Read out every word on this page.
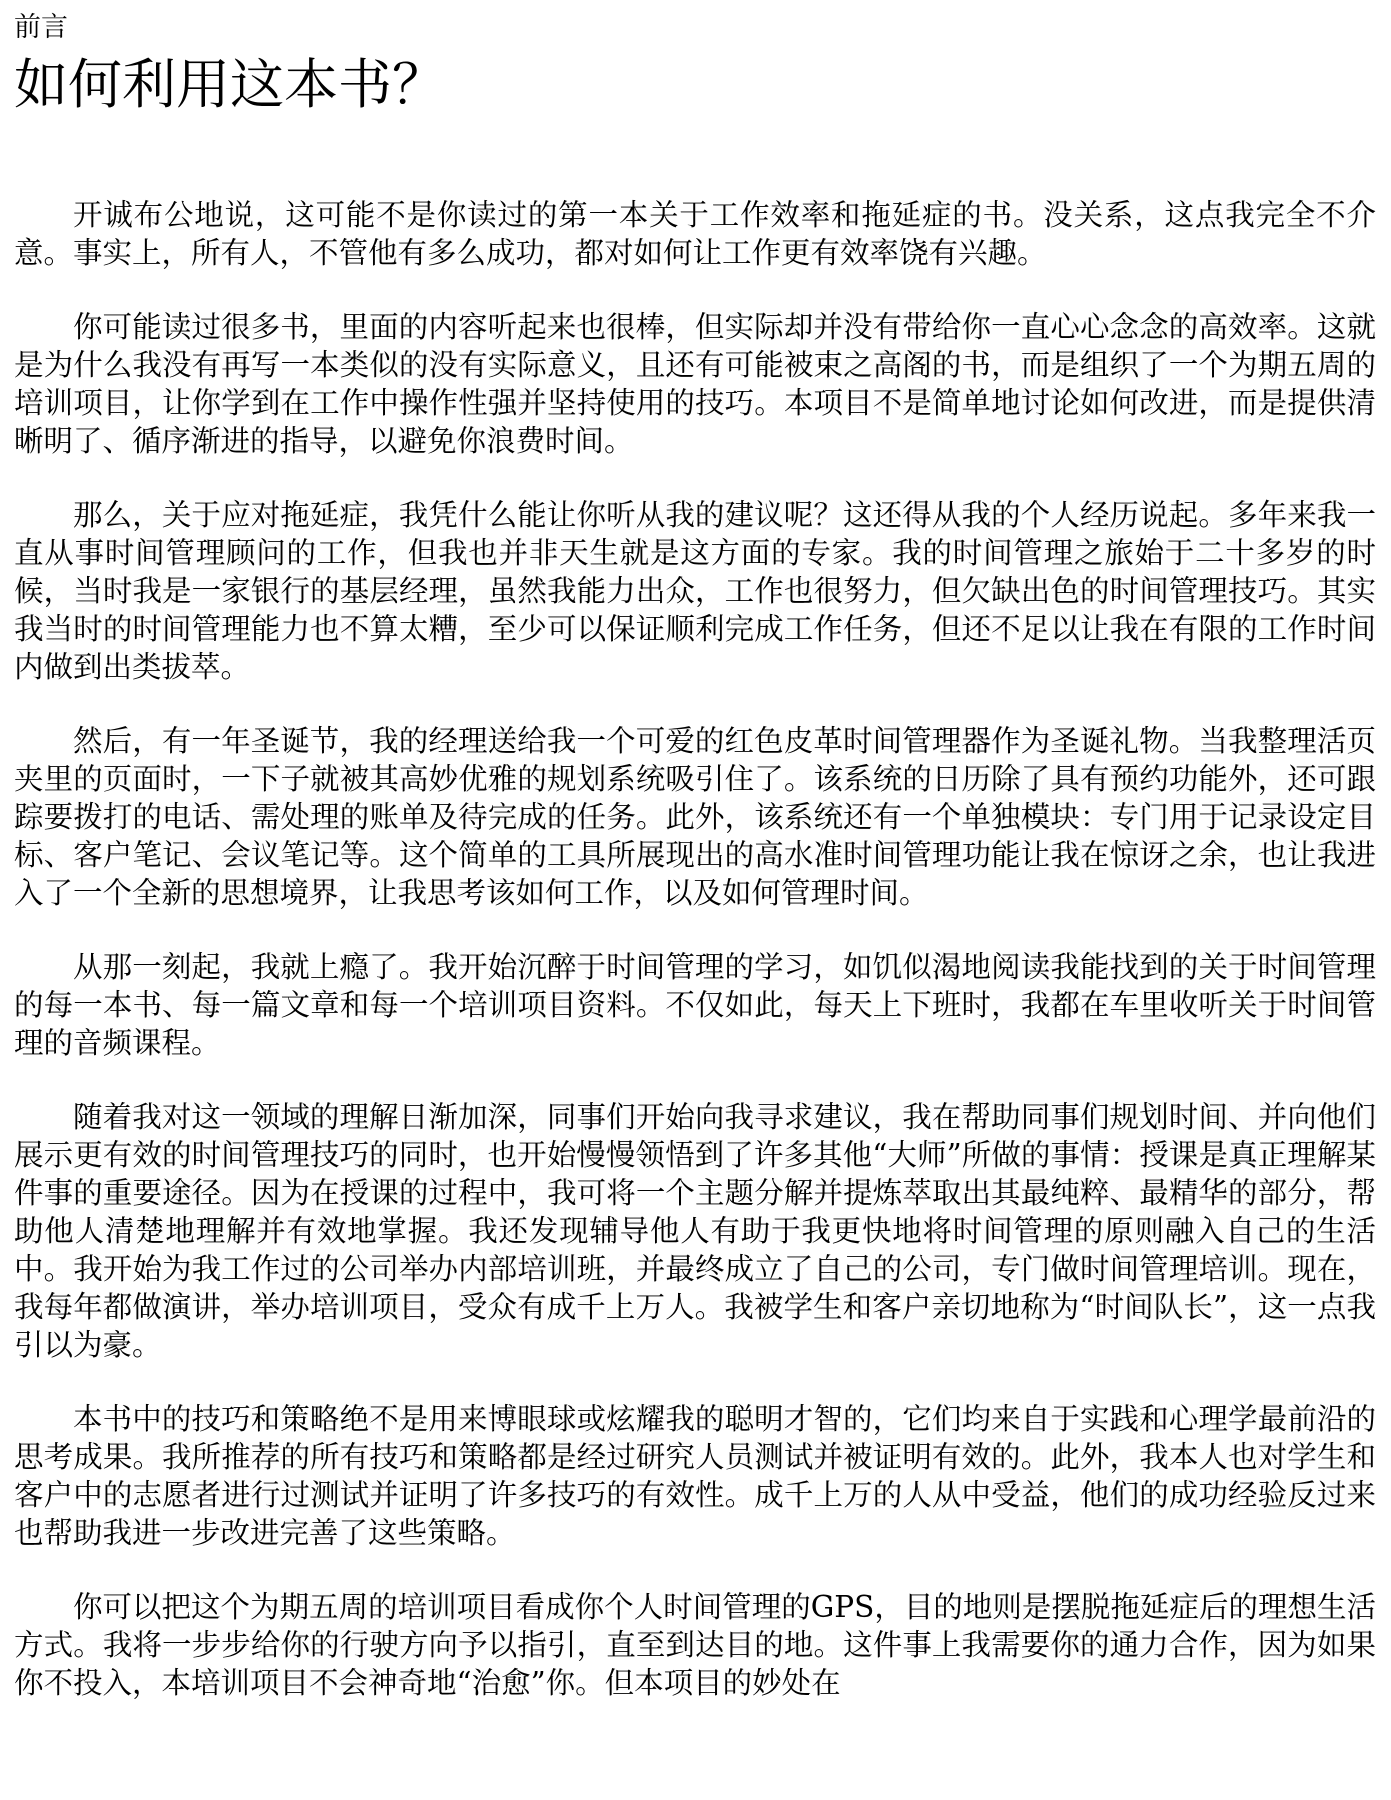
前言
如何利用这本书？

开诚布公地说，这可能不是你读过的第一本关于工作效率和拖延症的书。没关系，这点我完全不介意。事实上，所有人，不管他有多么成功，都对如何让工作更有效率饶有兴趣。

你可能读过很多书，里面的内容听起来也很棒，但实际却并没有带给你一直心心念念的高效率。这就是为什么我没有再写一本类似的没有实际意义，且还有可能被束之高阁的书，而是组织了一个为期五周的培训项目，让你学到在工作中操作性强并坚持使用的技巧。本项目不是简单地讨论如何改进，而是提供清晰明了、循序渐进的指导，以避免你浪费时间。

那么，关于应对拖延症，我凭什么能让你听从我的建议呢？这还得从我的个人经历说起。多年来我一直从事时间管理顾问的工作，但我也并非天生就是这方面的专家。我的时间管理之旅始于二十多岁的时候，当时我是一家银行的基层经理，虽然我能力出众，工作也很努力，但欠缺出色的时间管理技巧。其实我当时的时间管理能力也不算太糟，至少可以保证顺利完成工作任务，但还不足以让我在有限的工作时间内做到出类拔萃。

然后，有一年圣诞节，我的经理送给我一个可爱的红色皮革时间管理器作为圣诞礼物。当我整理活页夹里的页面时，一下子就被其高妙优雅的规划系统吸引住了。该系统的日历除了具有预约功能外，还可跟踪要拨打的电话、需处理的账单及待完成的任务。此外，该系统还有一个单独模块：专门用于记录设定目标、客户笔记、会议笔记等。这个简单的工具所展现出的高水准时间管理功能让我在惊讶之余，也让我进入了一个全新的思想境界，让我思考该如何工作，以及如何管理时间。

从那一刻起，我就上瘾了。我开始沉醉于时间管理的学习，如饥似渴地阅读我能找到的关于时间管理的每一本书、每一篇文章和每一个培训项目资料。不仅如此，每天上下班时，我都在车里收听关于时间管理的音频课程。

随着我对这一领域的理解日渐加深，同事们开始向我寻求建议，我在帮助同事们规划时间、并向他们展示更有效的时间管理技巧的同时，也开始慢慢领悟到了许多其他“大师”所做的事情：授课是真正理解某件事的重要途径。因为在授课的过程中，我可将一个主题分解并提炼萃取出其最纯粹、最精华的部分，帮助他人清楚地理解并有效地掌握。我还发现辅导他人有助于我更快地将时间管理的原则融入自己的生活中。我开始为我工作过的公司举办内部培训班，并最终成立了自己的公司，专门做时间管理培训。现在，我每年都做演讲，举办培训项目，受众有成千上万人。我被学生和客户亲切地称为“时间队长”，这一点我引以为豪。

本书中的技巧和策略绝不是用来博眼球或炫耀我的聪明才智的，它们均来自于实践和心理学最前沿的思考成果。我所推荐的所有技巧和策略都是经过研究人员测试并被证明有效的。此外，我本人也对学生和客户中的志愿者进行过测试并证明了许多技巧的有效性。成千上万的人从中受益，他们的成功经验反过来也帮助我进一步改进完善了这些策略。

你可以把这个为期五周的培训项目看成你个人时间管理的GPS，目的地则是摆脱拖延症后的理想生活方式。我将一步步给你的行驶方向予以指引，直至到达目的地。这件事上我需要你的通力合作，因为如果你不投入，本培训项目不会神奇地“治愈”你。但本项目的妙处在
